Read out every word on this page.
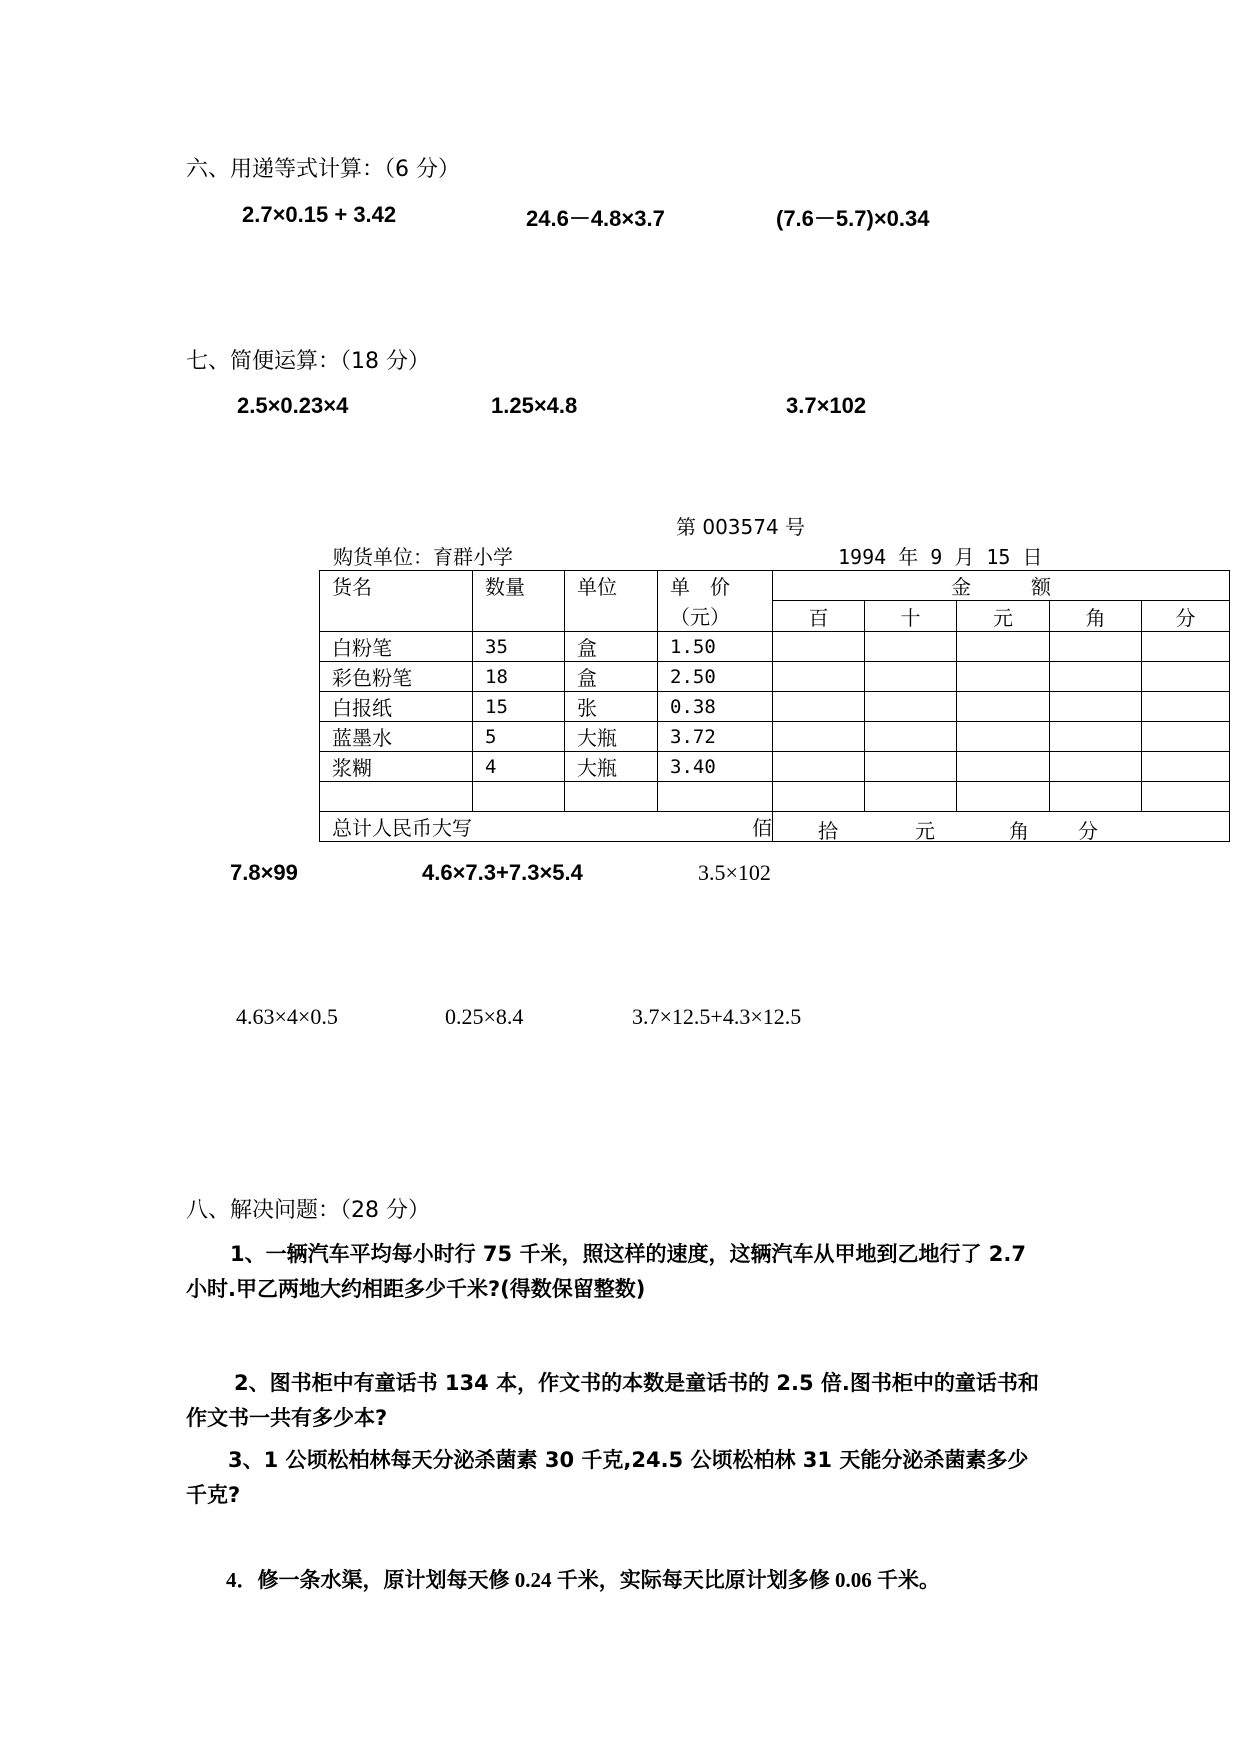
六、用递等式计算：（6 分）
2.7×0.15 + 3.42	24.6－4.8×3.7	(7.6－5.7)×0.34
七、简便运算：（18 分）
2.5×0.23×4	1.25×4.8	3.7×102
第 003574 号
购货单位：育群小学	1994 年 9 月 15 日
货名	数量	单位	单　价	金　　　额				
			（元）	百	十	元	角	分
白粉笔	35	盒	1.50					
彩色粉笔	18	盒	2.50					
白报纸	15	张	0.38					
蓝墨水	5	大瓶	3.72					
浆糊	4	大瓶	3.40					

总计人民币大写 佰				拾 元 角 分				
7.8×99	4.6×7.3+7.3×5.4	3.5×102
4.63×4×0.5	0.25×8.4	3.7×12.5+4.3×12.5
八、解决问题：（28 分）
1、一辆汽车平均每小时行 75 千米，照这样的速度，这辆汽车从甲地到乙地行了 2.7 小时.甲乙两地大约相距多少千米?(得数保留整数)
2、图书柜中有童话书 134 本，作文书的本数是童话书的 2.5 倍.图书柜中的童话书和作文书一共有多少本?
3、1 公顷松柏林每天分泌杀菌素 30 千克,24.5 公顷松柏林 31 天能分泌杀菌素多少千克?
4．修一条水渠，原计划每天修 0.24 千米，实际每天比原计划多修 0.06 千米。
